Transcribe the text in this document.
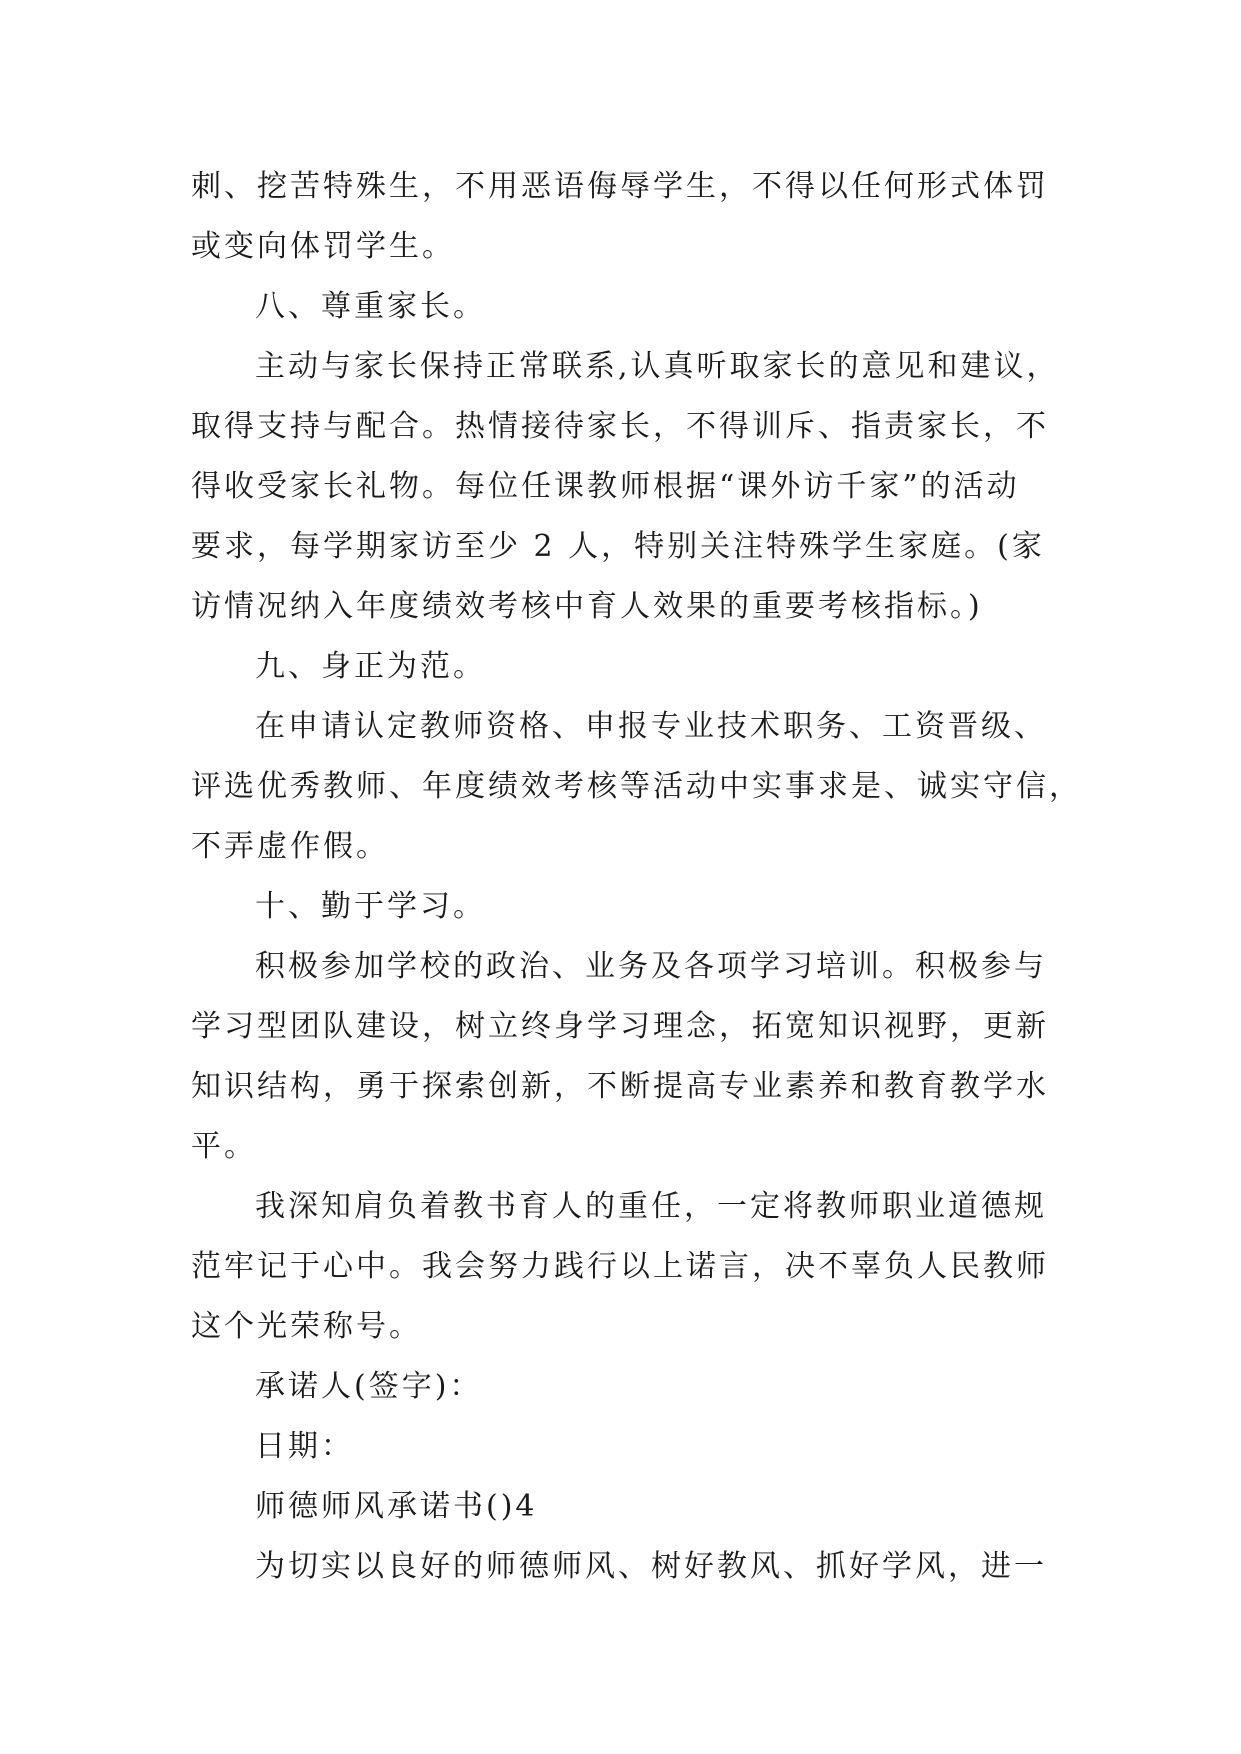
刺、挖苦特殊生，不用恶语侮辱学生，不得以任何形式体罚

或变向体罚学生。

八、尊重家长。

主动与家长保持正常联系,认真听取家长的意见和建议，

取得支持与配合。热情接待家长，不得训斥、指责家长，不

得收受家长礼物。每位任课教师根据“课外访千家”的活动

要求，每学期家访至少 2 人，特别关注特殊学生家庭。(家

访情况纳入年度绩效考核中育人效果的重要考核指标。)

九、身正为范。

在申请认定教师资格、申报专业技术职务、工资晋级、

评选优秀教师、年度绩效考核等活动中实事求是、诚实守信，

不弄虚作假。

十、勤于学习。

积极参加学校的政治、业务及各项学习培训。积极参与

学习型团队建设，树立终身学习理念，拓宽知识视野，更新

知识结构，勇于探索创新，不断提高专业素养和教育教学水

平。

我深知肩负着教书育人的重任，一定将教师职业道德规

范牢记于心中。我会努力践行以上诺言，决不辜负人民教师

这个光荣称号。

承诺人(签字)：

日期：

师德师风承诺书()4

为切实以良好的师德师风、树好教风、抓好学风，进一
